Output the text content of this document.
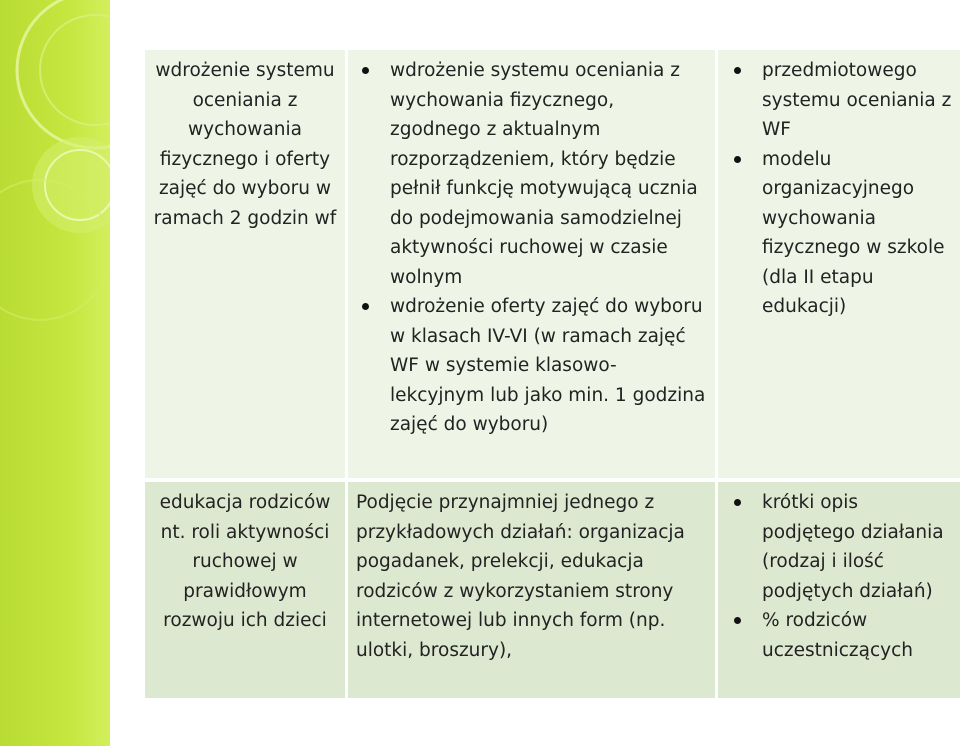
wdrożenie systemu oceniania z wychowania fizycznego i oferty zajęć do wyboru w ramach 2 godzin wf
wdrożenie systemu oceniania z wychowania fizycznego, zgodnego z aktualnym rozporządzeniem, który będzie pełnił funkcję motywującą ucznia do podejmowania samodzielnej aktywności ruchowej w czasie wolnym
wdrożenie oferty zajęć do wyboru w klasach IV-VI (w ramach zajęć WF w systemie klasowo-lekcyjnym lub jako min. 1 godzina zajęć do wyboru)
przedmiotowego systemu oceniania z WF
modelu organizacyjnego wychowania fizycznego w szkole (dla II etapu edukacji)
edukacja rodziców nt. roli aktywności ruchowej w prawidłowym rozwoju ich dzieci
Podjęcie przynajmniej jednego z przykładowych działań: organizacja pogadanek, prelekcji, edukacja rodziców z wykorzystaniem strony internetowej lub innych form (np. ulotki, broszury),
krótki opis podjętego działania (rodzaj i ilość podjętych działań)
% rodziców uczestniczących
